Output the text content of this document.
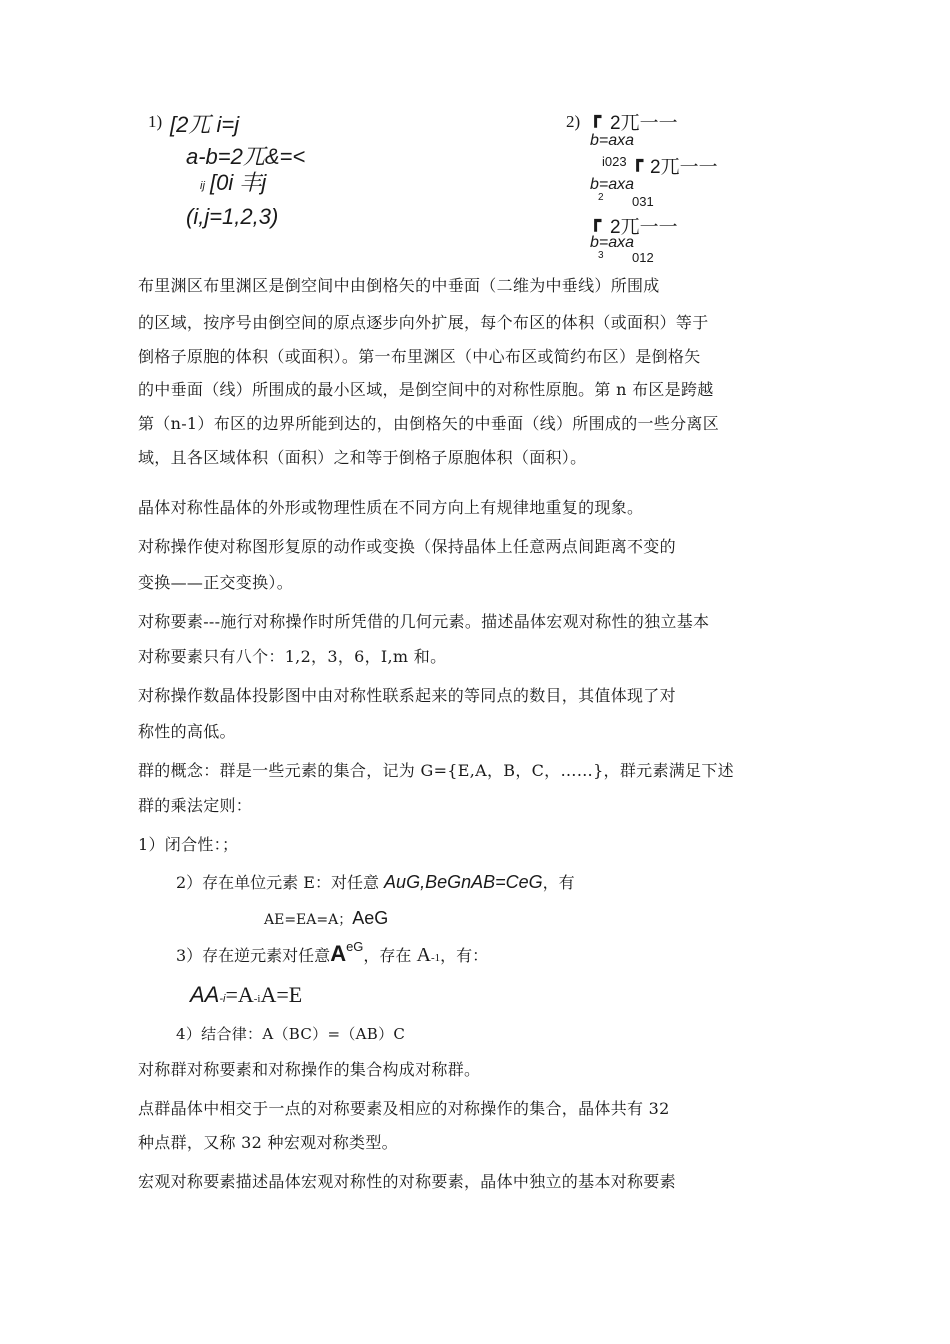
1) [2兀 i=j
a-b=2兀&=<
ij [0i 丰j
(i,j=1,2,3)
2) ┏ 2兀一一
b=axa
i023 ┏ 2兀一一
b=axa
2 031
┏ 2兀一一
b=axa
3 012

布里渊区布里渊区是倒空间中由倒格矢的中垂面（二维为中垂线）所围成

的区域，按序号由倒空间的原点逐步向外扩展，每个布区的体积（或面积）等于

倒格子原胞的体积（或面积）。第一布里渊区（中心布区或简约布区）是倒格矢

的中垂面（线）所围成的最小区域，是倒空间中的对称性原胞。第 n 布区是跨越

第（n-1）布区的边界所能到达的，由倒格矢的中垂面（线）所围成的一些分离区

域，且各区域体积（面积）之和等于倒格子原胞体积（面积）。

晶体对称性晶体的外形或物理性质在不同方向上有规律地重复的现象。

对称操作使对称图形复原的动作或变换（保持晶体上任意两点间距离不变的

变换——正交变换）。

对称要素---施行对称操作时所凭借的几何元素。描述晶体宏观对称性的独立基本

对称要素只有八个：1,2，3，6，I,m 和。

对称操作数晶体投影图中由对称性联系起来的等同点的数目，其值体现了对

称性的高低。

群的概念：群是一些元素的集合，记为 G={E,A，B，C，……}，群元素满足下述

群的乘法定则：

1）闭合性：；

2）存在单位元素 E：对任意 AuG,BeGnAB=CeG，有
AE=EA=A；AeG
3）存在逆元素对任意$A^{eG}$，存在 A-1，有：
AA-i=A-iA=E

4）结合律：A（BC）=（AB）C

对称群对称要素和对称操作的集合构成对称群。

点群晶体中相交于一点的对称要素及相应的对称操作的集合，晶体共有 32

种点群，又称 32 种宏观对称类型。

宏观对称要素描述晶体宏观对称性的对称要素，晶体中独立的基本对称要素
